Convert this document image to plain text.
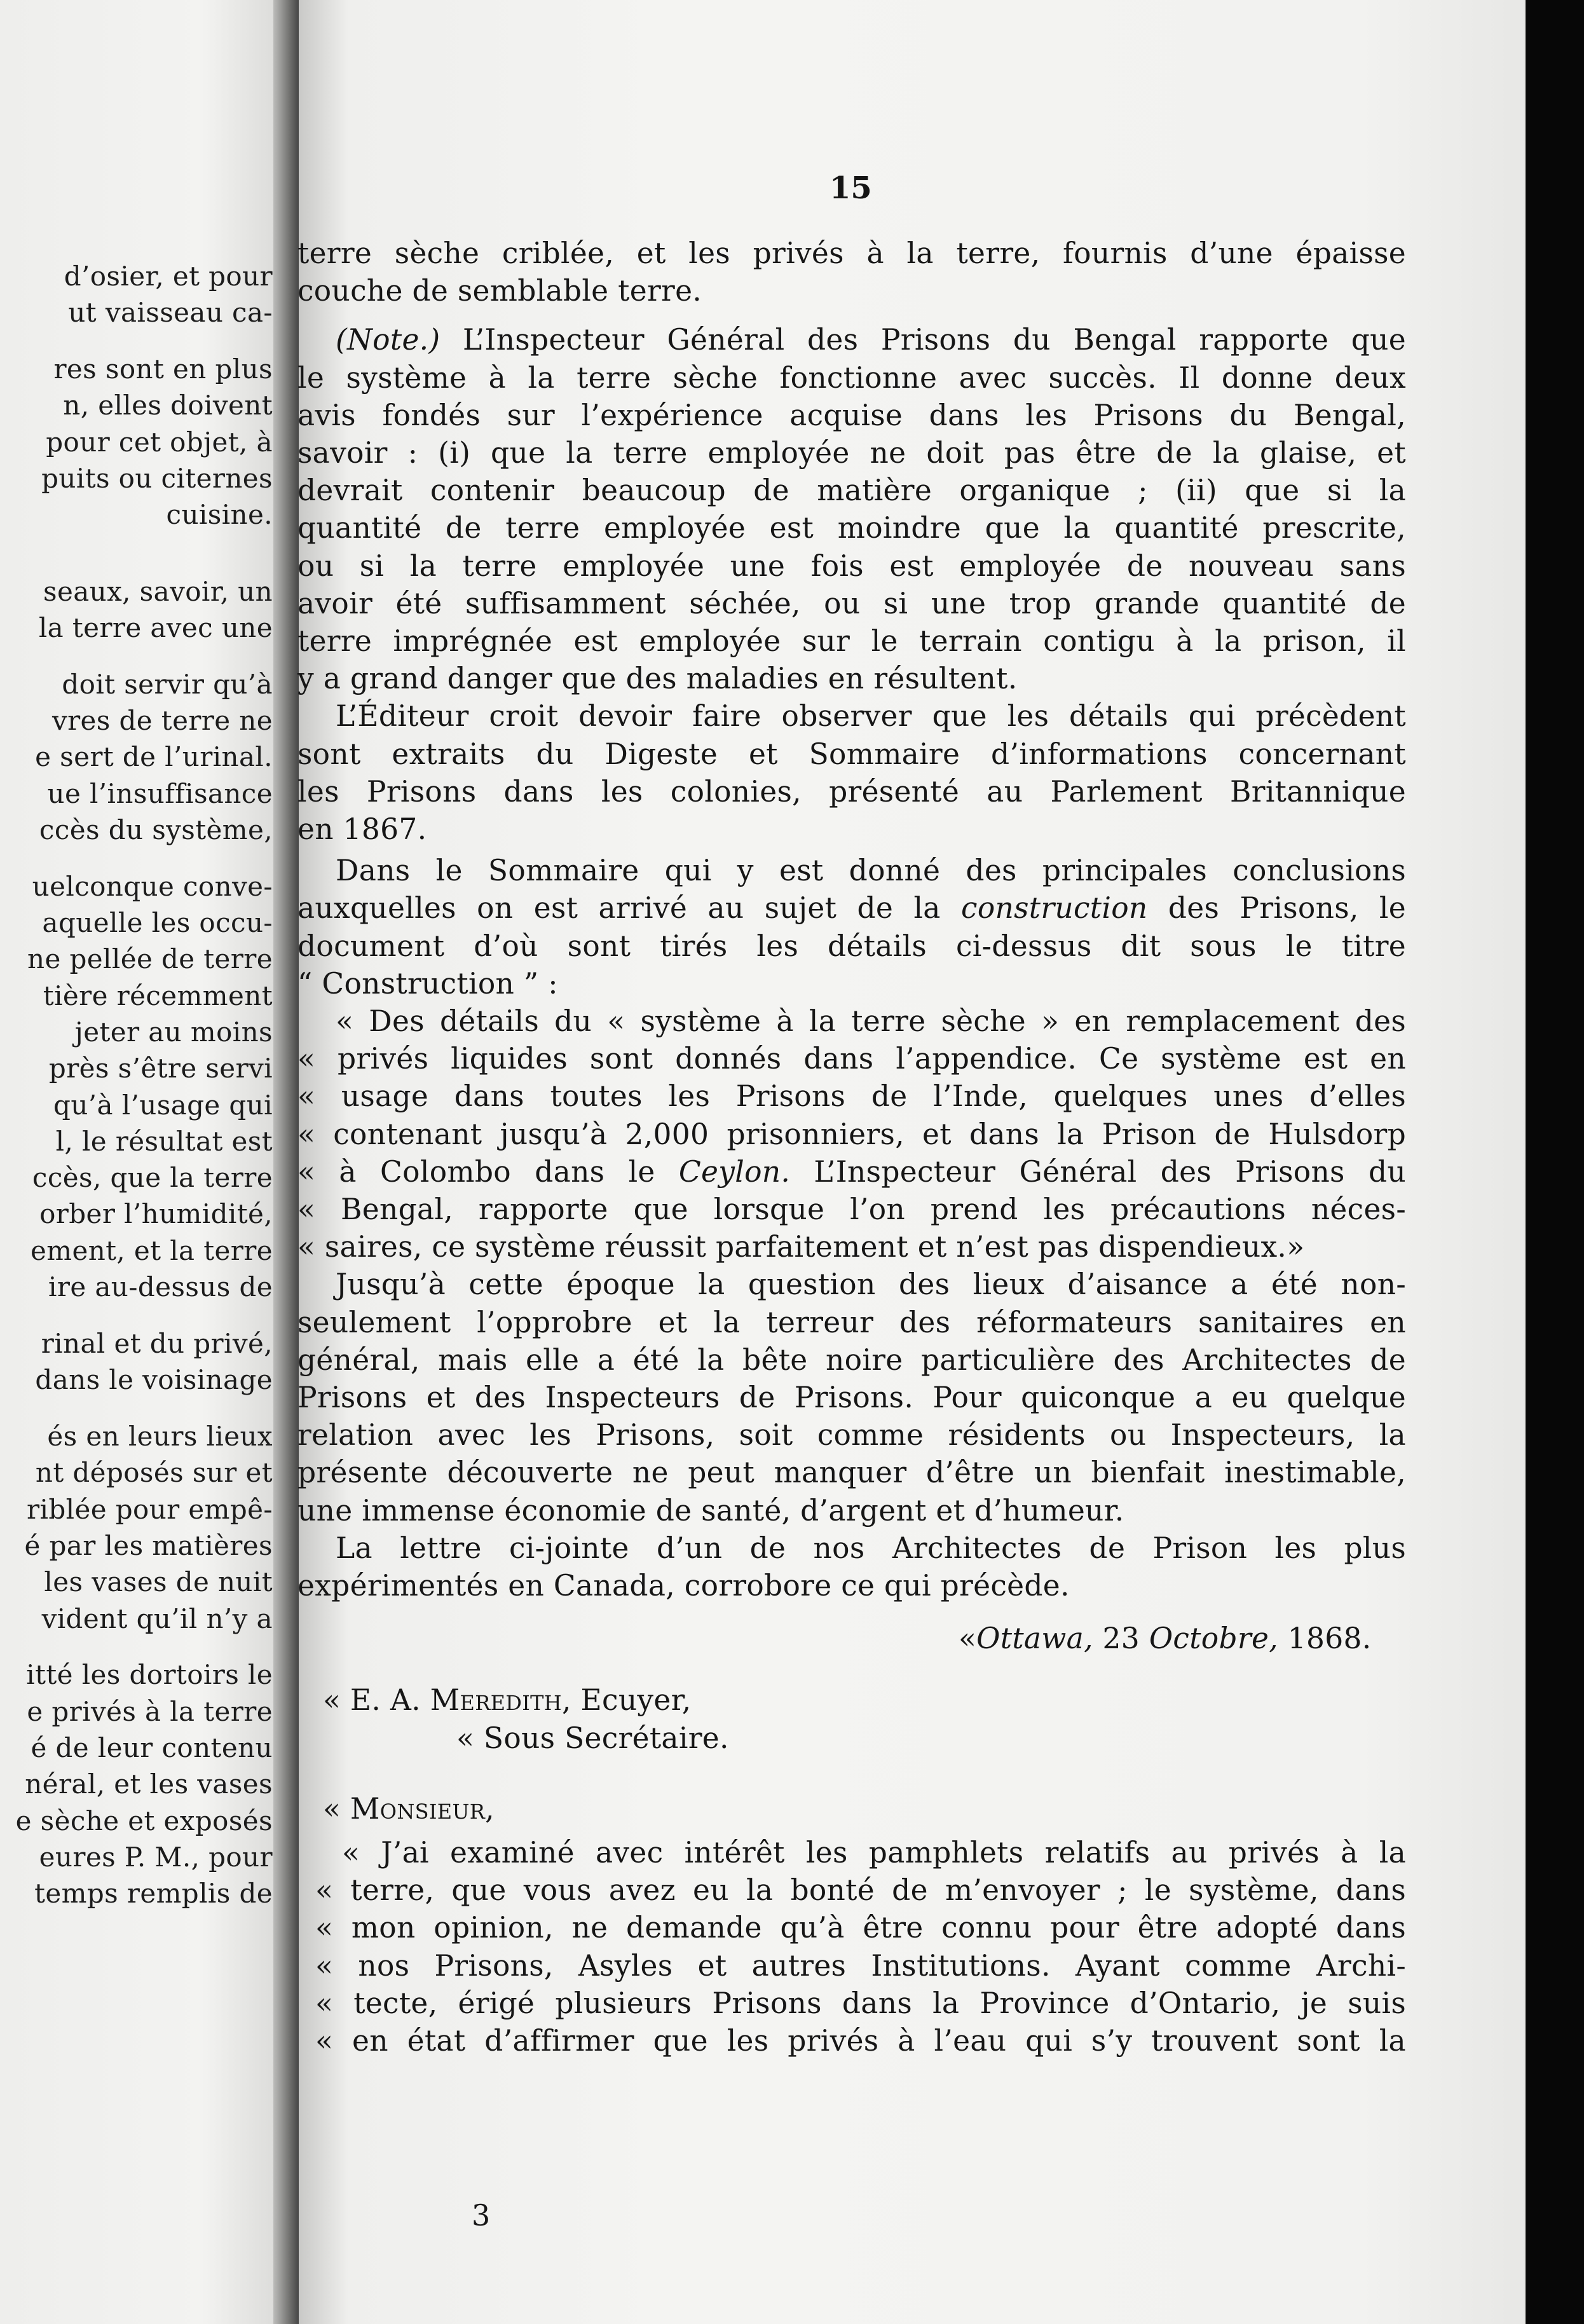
d’osier, et pour
ut vaisseau ca-
res sont en plus
n, elles doivent
pour cet objet, à
puits ou citernes
cuisine.
seaux, savoir, un
la terre avec une
doit servir qu’à
vres de terre ne
e sert de l’urinal.
ue l’insuffisance
ccès du système,
uelconque conve-
aquelle les occu-
ne pellée de terre
tière récemment
jeter au moins
près s’être servi
qu’à l’usage qui
l, le résultat est
ccès, que la terre
orber l’humidité,
ement, et la terre
ire au-dessus de
rinal et du privé,
dans le voisinage
és en leurs lieux
nt déposés sur et
riblée pour empê-
é par les matières
les vases de nuit
vident qu’il n’y a
itté les dortoirs le
e privés à la terre
é de leur contenu
néral, et les vases
e sèche et exposés
eures P. M., pour
temps remplis de
15
terre sèche criblée, et les privés à la terre, fournis d’une épaisse
couche de semblable terre.
(Note.) L’Inspecteur Général des Prisons du Bengal rapporte que
le système à la terre sèche fonctionne avec succès. Il donne deux
avis fondés sur l’expérience acquise dans les Prisons du Bengal,
savoir : (i) que la terre employée ne doit pas être de la glaise, et
devrait contenir beaucoup de matière organique ; (ii) que si la
quantité de terre employée est moindre que la quantité prescrite,
ou si la terre employée une fois est employée de nouveau sans
avoir été suffisamment séchée, ou si une trop grande quantité de
terre imprégnée est employée sur le terrain contigu à la prison, il
y a grand danger que des maladies en résultent.
L’Éditeur croit devoir faire observer que les détails qui précèdent
sont extraits du Digeste et Sommaire d’informations concernant
les Prisons dans les colonies, présenté au Parlement Britannique
en 1867.
Dans le Sommaire qui y est donné des principales conclusions
auxquelles on est arrivé au sujet de la construction des Prisons, le
document d’où sont tirés les détails ci-dessus dit sous le titre
“ Construction ” :
« Des détails du « système à la terre sèche » en remplacement des
« privés liquides sont donnés dans l’appendice. Ce système est en
« usage dans toutes les Prisons de l’Inde, quelques unes d’elles
« contenant jusqu’à 2,000 prisonniers, et dans la Prison de Hulsdorp
« à Colombo dans le Ceylon. L’Inspecteur Général des Prisons du
« Bengal, rapporte que lorsque l’on prend les précautions néces-
« saires, ce système réussit parfaitement et n’est pas dispendieux.»
Jusqu’à cette époque la question des lieux d’aisance a été non-
seulement l’opprobre et la terreur des réformateurs sanitaires en
général, mais elle a été la bête noire particulière des Architectes de
Prisons et des Inspecteurs de Prisons. Pour quiconque a eu quelque
relation avec les Prisons, soit comme résidents ou Inspecteurs, la
présente découverte ne peut manquer d’être un bienfait inestimable,
une immense économie de santé, d’argent et d’humeur.
La lettre ci-jointe d’un de nos Architectes de Prison les plus
expérimentés en Canada, corrobore ce qui précède.
«Ottawa, 23 Octobre, 1868.
« E. A. Meredith, Ecuyer,
« Sous Secrétaire.
« Monsieur,
« J’ai examiné avec intérêt les pamphlets relatifs au privés à la
« terre, que vous avez eu la bonté de m’envoyer ; le système, dans
« mon opinion, ne demande qu’à être connu pour être adopté dans
« nos Prisons, Asyles et autres Institutions. Ayant comme Archi-
« tecte, érigé plusieurs Prisons dans la Province d’Ontario, je suis
« en état d’affirmer que les privés à l’eau qui s’y trouvent sont la
3
